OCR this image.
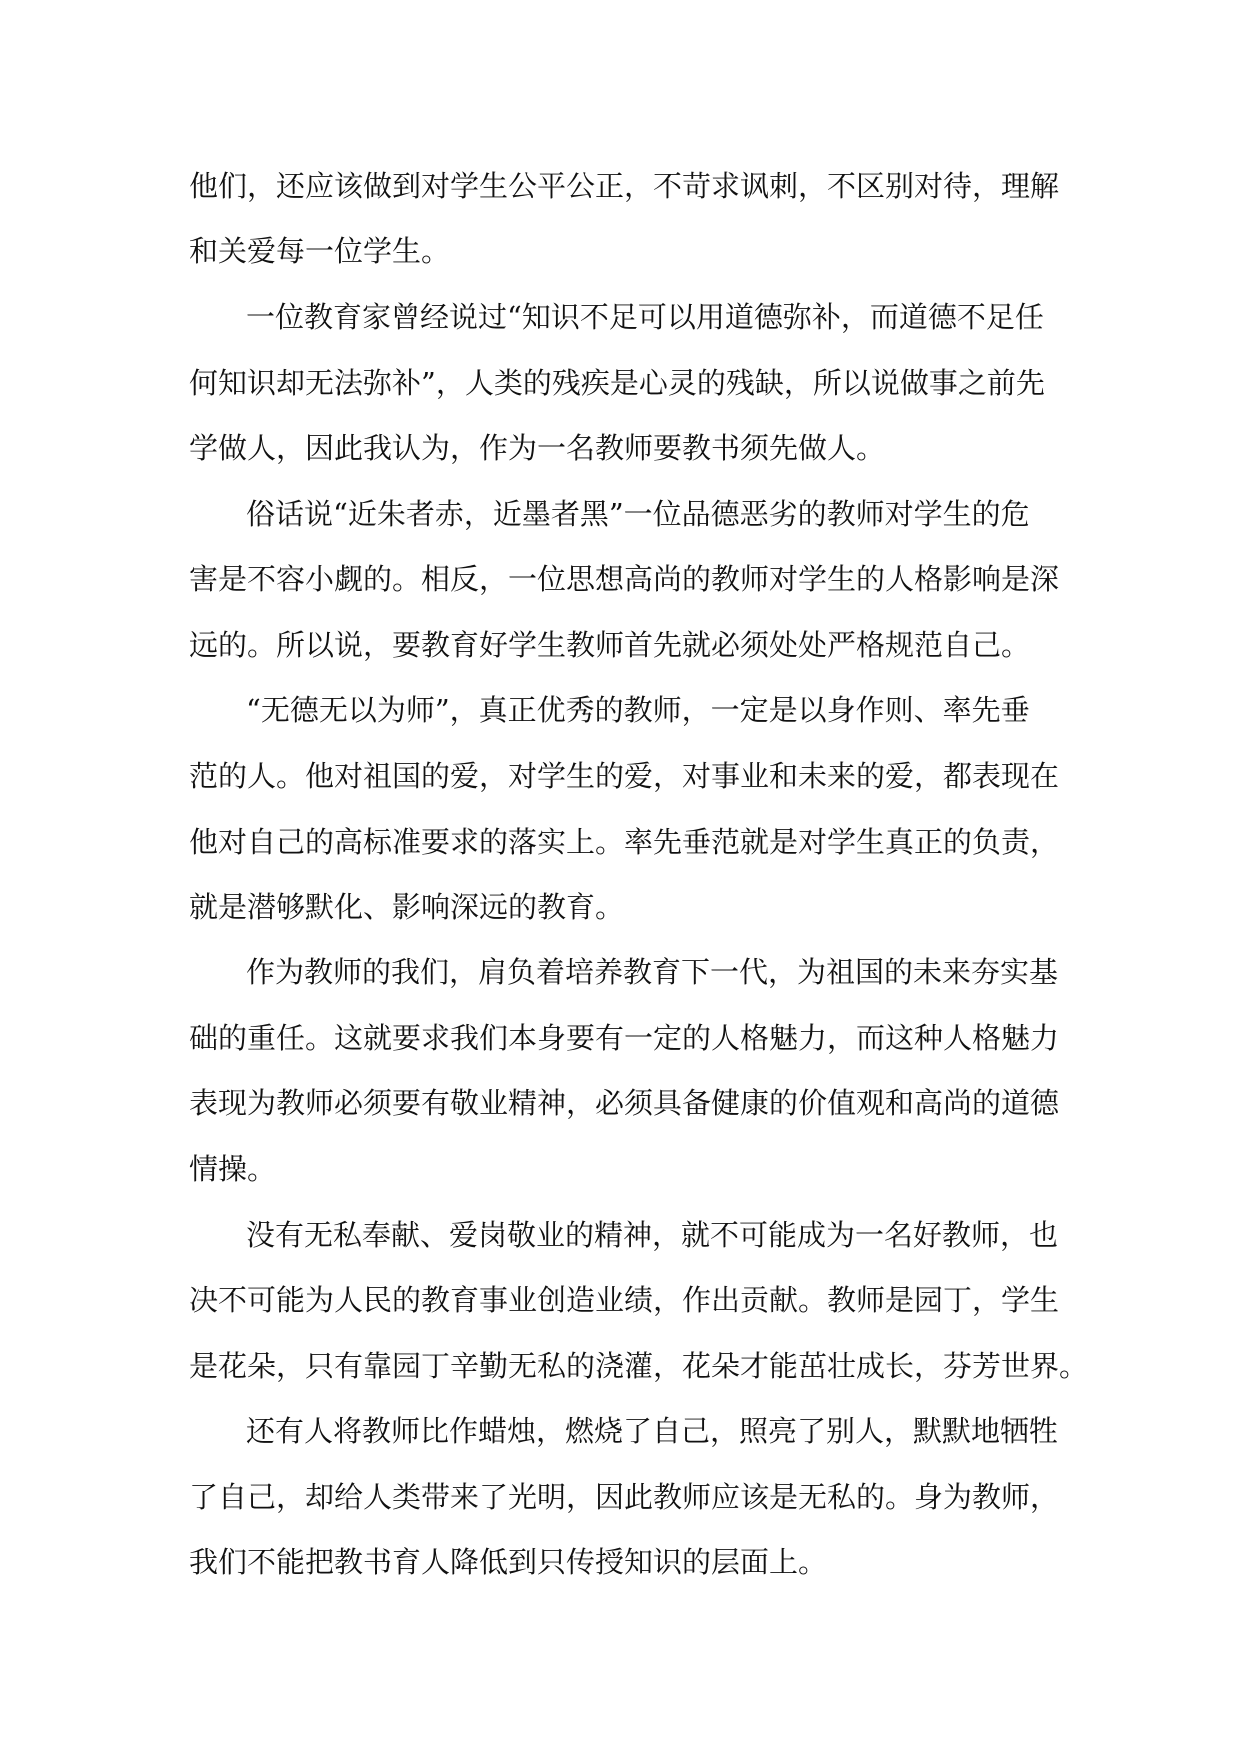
他们，还应该做到对学生公平公正，不苛求讽刺，不区别对待，理解
和关爱每一位学生。
一位教育家曾经说过“知识不足可以用道德弥补，而道德不足任
何知识却无法弥补”，人类的残疾是心灵的残缺，所以说做事之前先
学做人，因此我认为，作为一名教师要教书须先做人。
俗话说“近朱者赤，近墨者黑”一位品德恶劣的教师对学生的危
害是不容小觑的。相反，一位思想高尚的教师对学生的人格影响是深
远的。所以说，要教育好学生教师首先就必须处处严格规范自己。
“无德无以为师”，真正优秀的教师，一定是以身作则、率先垂
范的人。他对祖国的爱，对学生的爱，对事业和未来的爱，都表现在
他对自己的高标准要求的落实上。率先垂范就是对学生真正的负责，
就是潜够默化、影响深远的教育。
作为教师的我们，肩负着培养教育下一代，为祖国的未来夯实基
础的重任。这就要求我们本身要有一定的人格魅力，而这种人格魅力
表现为教师必须要有敬业精神，必须具备健康的价值观和高尚的道德
情操。
没有无私奉献、爱岗敬业的精神，就不可能成为一名好教师，也
决不可能为人民的教育事业创造业绩，作出贡献。教师是园丁，学生
是花朵，只有靠园丁辛勤无私的浇灌，花朵才能茁壮成长，芬芳世界。
还有人将教师比作蜡烛，燃烧了自己，照亮了别人，默默地牺牲
了自己，却给人类带来了光明，因此教师应该是无私的。身为教师，
我们不能把教书育人降低到只传授知识的层面上。
